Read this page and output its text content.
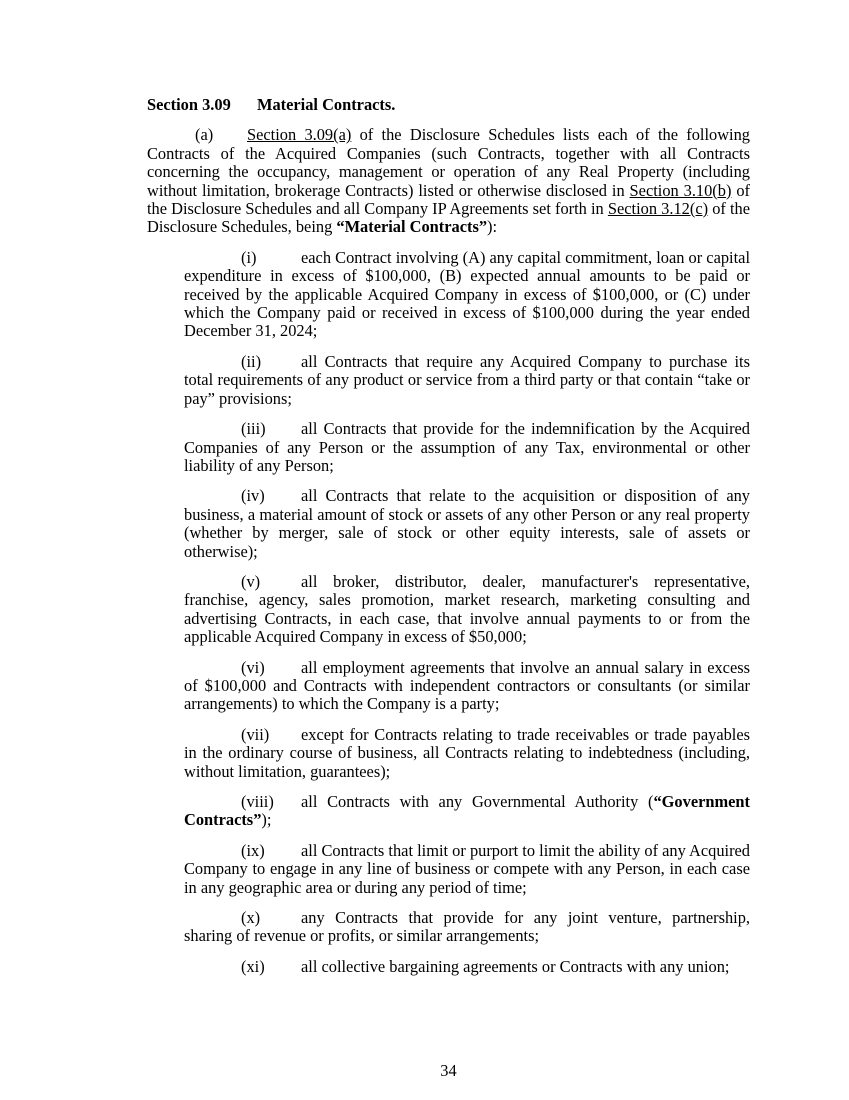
Section 3.09 Material Contracts.

(a) Section 3.09(a) of the Disclosure Schedules lists each of the following Contracts of the Acquired Companies (such Contracts, together with all Contracts concerning the occupancy, management or operation of any Real Property (including without limitation, brokerage Contracts) listed or otherwise disclosed in Section 3.10(b) of the Disclosure Schedules and all Company IP Agreements set forth in Section 3.12(c) of the Disclosure Schedules, being “Material Contracts”):

(i)	each Contract involving (A) any capital commitment, loan or capital expenditure in excess of $100,000, (B) expected annual amounts to be paid or received by the applicable Acquired Company in excess of $100,000, or (C) under which the Company paid or received in excess of $100,000 during the year ended December 31, 2024;

(ii) all Contracts that require any Acquired Company to purchase its total requirements of any product or service from a third party or that contain “take or pay” provisions;

(iii) all Contracts that provide for the indemnification by the Acquired Companies of any Person or the assumption of any Tax, environmental or other liability of any Person;

(iv) all Contracts that relate to the acquisition or disposition of any business, a material amount of stock or assets of any other Person or any real property (whether by merger, sale of stock or other equity interests, sale of assets or otherwise);

(v) all broker, distributor, dealer, manufacturer's representative, franchise, agency, sales promotion, market research, marketing consulting and advertising Contracts, in each case, that involve annual payments to or from the applicable Acquired Company in excess of $50,000;

(vi) all employment agreements that involve an annual salary in excess of $100,000 and Contracts with independent contractors or consultants (or similar arrangements) to which the Company is a party;

(vii) except for Contracts relating to trade receivables or trade payables in the ordinary course of business, all Contracts relating to indebtedness (including, without limitation, guarantees);

(viii) all Contracts with any Governmental Authority (“Government Contracts”);

(ix) all Contracts that limit or purport to limit the ability of any Acquired Company to engage in any line of business or compete with any Person, in each case in any geographic area or during any period of time;

(x) any Contracts that provide for any joint venture, partnership, sharing of revenue or profits, or similar arrangements;

(xi) all collective bargaining agreements or Contracts with any union;

34
